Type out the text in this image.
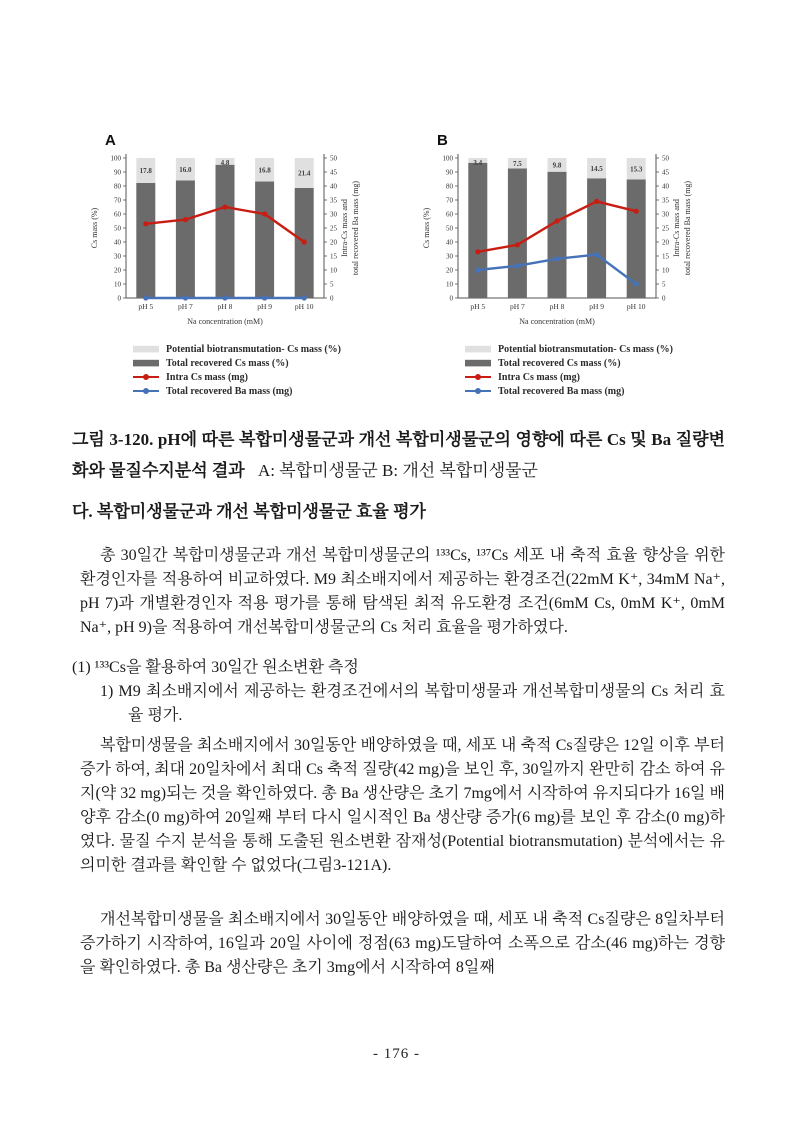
A
0
10
20
30
40
50
60
70
80
90
100
0
5
10
15
20
25
30
35
40
45
50
pH 5	pH 7	pH 8	pH 9	pH 10
Na concentration (mM)
Cs mass (%)	Intra-Cs mass and total recovered Ba mass (mg)
17.8	16.0
4.8
16.8	21.4
Potential biotransmutation- Cs mass (%)
Total recovered Cs mass (%)
Intra Cs mass (mg)
Total recovered Ba mass (mg)
B
0
10
20
30
40
50
60
70
80
90
100
0
5
10
15
20
25
30
35
40
45
50
pH 5	pH 7	pH 8	pH 9	pH 10
Na concentration (mM)
Cs mass (%)	Intra-Cs mass and total recovered Ba mass (mg)
3.4	7.5	9.8	14.5	15.3
Potential biotransmutation- Cs mass (%)
Total recovered Cs mass (%)
Intra Cs mass (mg)
Total recovered Ba mass (mg)

그림 3-120. pH에 따른 복합미생물군과 개선 복합미생물군의 영향에 따른 Cs 및 Ba 질량변화와 물질수지분석 결과 A: 복합미생물군 B: 개선 복합미생물군

다. 복합미생물군과 개선 복합미생물군 효율 평가

총 30일간 복합미생물군과 개선 복합미생물군의 ¹³³Cs, ¹³⁷Cs 세포 내 축적 효율 향상을 위한 환경인자를 적용하여 비교하였다. M9 최소배지에서 제공하는 환경조건(22mM K⁺, 34mM Na⁺, pH 7)과 개별환경인자 적용 평가를 통해 탐색된 최적 유도환경 조건(6mM Cs, 0mM K⁺, 0mM Na⁺, pH 9)을 적용하여 개선복합미생물군의 Cs 처리 효율을 평가하였다.

(1) ¹³³Cs을 활용하여 30일간 원소변환 측정

1) M9 최소배지에서 제공하는 환경조건에서의 복합미생물과 개선복합미생물의 Cs 처리 효율 평가.

복합미생물을 최소배지에서 30일동안 배양하였을 때, 세포 내 축적 Cs질량은 12일 이후 부터 증가 하여, 최대 20일차에서 최대 Cs 축적 질량(42 mg)을 보인 후, 30일까지 완만히 감소 하여 유지(약 32 mg)되는 것을 확인하였다. 총 Ba 생산량은 초기 7mg에서 시작하여 유지되다가 16일 배양후 감소(0 mg)하여 20일째 부터 다시 일시적인 Ba 생산량 증가(6 mg)를 보인 후 감소(0 mg)하였다. 물질 수지 분석을 통해 도출된 원소변환 잠재성(Potential biotransmutation) 분석에서는 유의미한 결과를 확인할 수 없었다(그림3-121A).

개선복합미생물을 최소배지에서 30일동안 배양하였을 때, 세포 내 축적 Cs질량은 8일차부터 증가하기 시작하여, 16일과 20일 사이에 정점(63 mg)도달하여 소폭으로 감소(46 mg)하는 경향을 확인하였다. 총 Ba 생산량은 초기 3mg에서 시작하여 8일째

- 176 -
